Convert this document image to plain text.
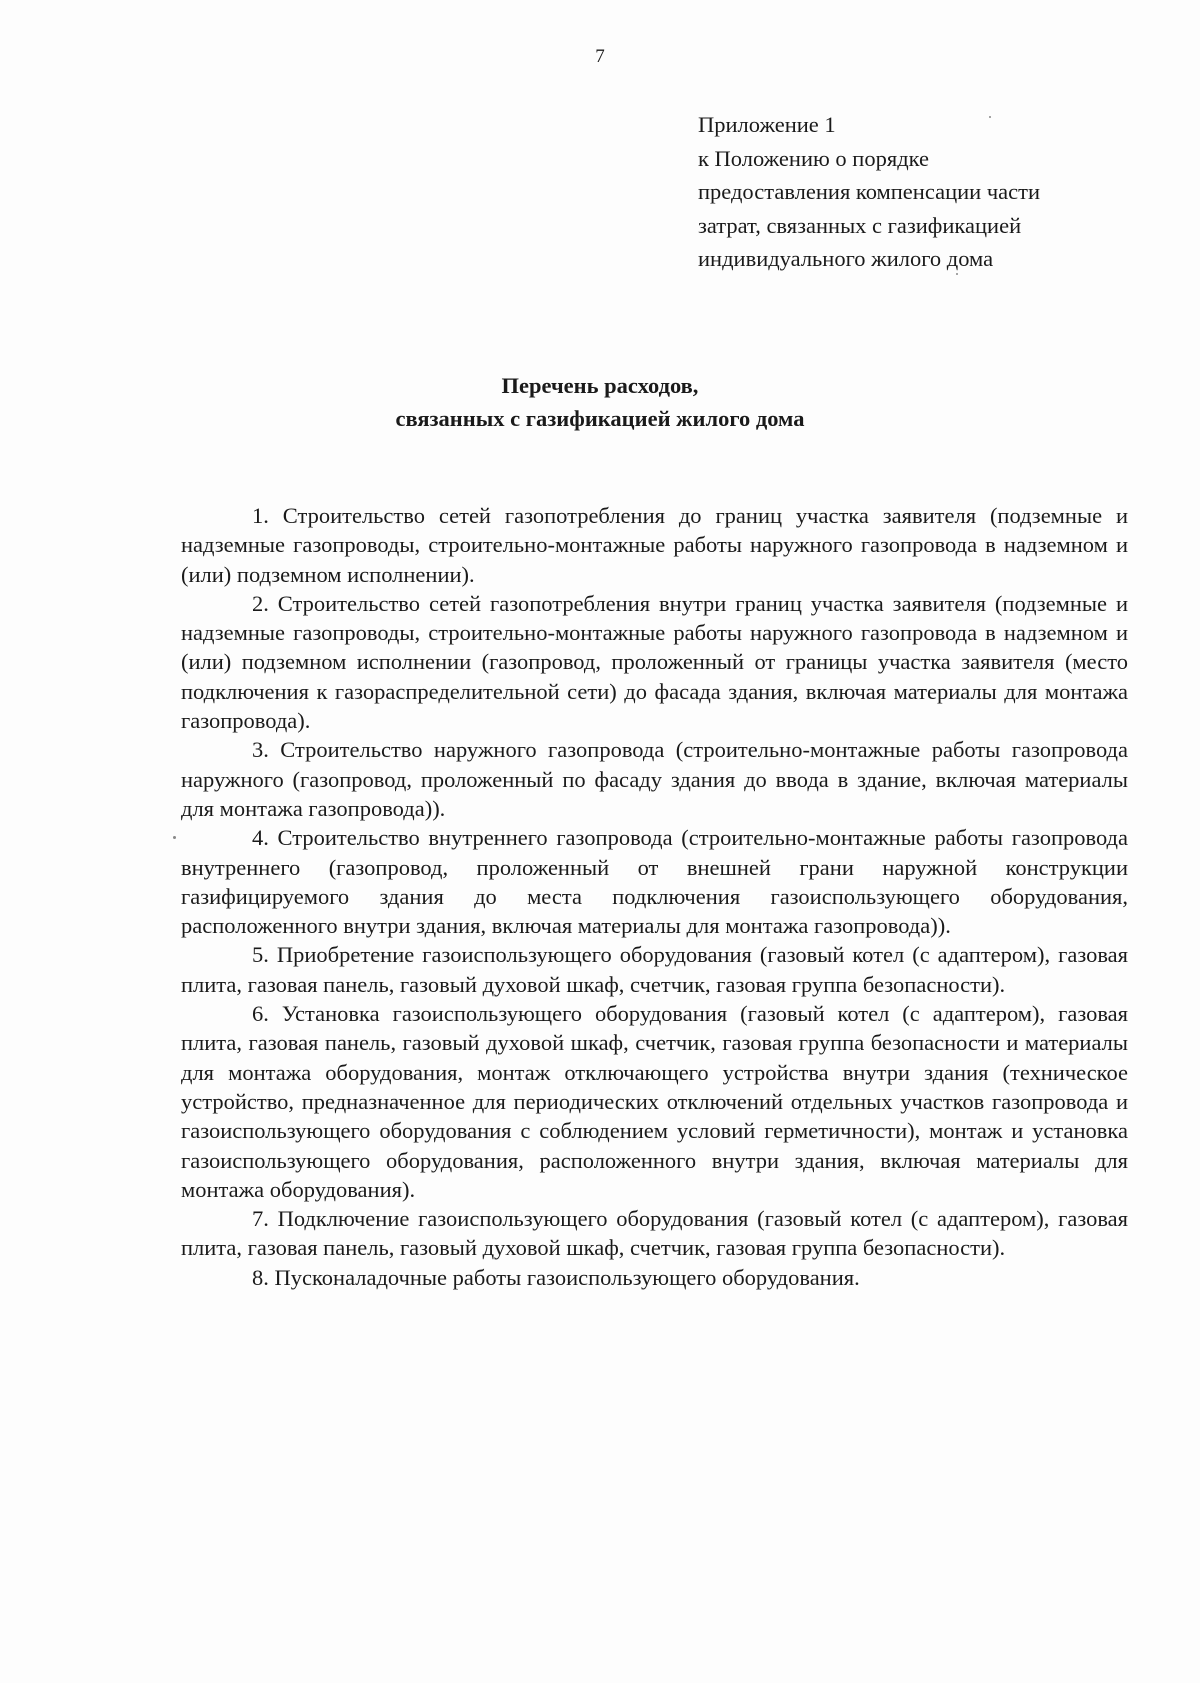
7
Приложение 1
к Положению о порядке
предоставления компенсации части
затрат, связанных с газификацией
индивидуального жилого дома
Перечень расходов,
связанных с газификацией жилого дома

1. Строительство сетей газопотребления до границ участка заявителя (подземные и надземные газопроводы, строительно-монтажные работы наружного газопровода в надземном и (или) подземном исполнении).

2. Строительство сетей газопотребления внутри границ участка заявителя (подземные и надземные газопроводы, строительно-монтажные работы наружного газопровода в надземном и (или) подземном исполнении (газопровод, проложенный от границы участка заявителя (место подключения к газораспределительной сети) до фасада здания, включая материалы для монтажа газопровода).

3. Строительство наружного газопровода (строительно-монтажные работы газопровода наружного (газопровод, проложенный по фасаду здания до ввода в здание, включая материалы для монтажа газопровода)).

4. Строительство внутреннего газопровода (строительно-монтажные работы газопровода внутреннего (газопровод, проложенный от внешней грани наружной конструкции газифицируемого здания до места подключения газоиспользующего оборудования, расположенного внутри здания, включая материалы для монтажа газопровода)).

5. Приобретение газоиспользующего оборудования (газовый котел (с адаптером), газовая плита, газовая панель, газовый духовой шкаф, счетчик, газовая группа безопасности).

6. Установка газоиспользующего оборудования (газовый котел (с адаптером), газовая плита, газовая панель, газовый духовой шкаф, счетчик, газовая группа безопасности и материалы для монтажа оборудования, монтаж отключающего устройства внутри здания (техническое устройство, предназначенное для периодических отключений отдельных участков газопровода и газоиспользующего оборудования с соблюдением условий герметичности), монтаж и установка газоиспользующего оборудования, расположенного внутри здания, включая материалы для монтажа оборудования).

7. Подключение газоиспользующего оборудования (газовый котел (с адаптером), газовая плита, газовая панель, газовый духовой шкаф, счетчик, газовая группа безопасности).

8. Пусконаладочные работы газоиспользующего оборудования.
